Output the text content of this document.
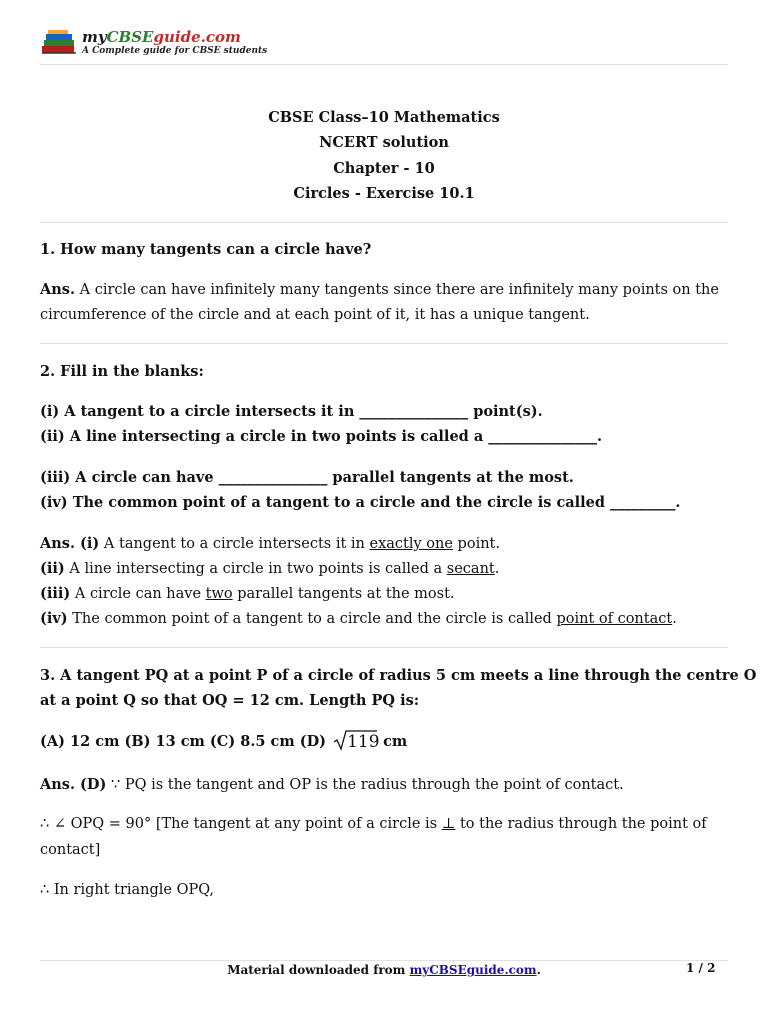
myCBSEguide.com
A Complete guide for CBSE students
CBSE Class–10 Mathematics
NCERT solution
Chapter - 10
Circles - Exercise 10.1
1. How many tangents can a circle have?
Ans. A circle can have infinitely many tangents since there are infinitely many points on the
circumference of the circle and at each point of it, it has a unique tangent.
2. Fill in the blanks:
(i) A tangent to a circle intersects it in _______________ point(s).
(ii) A line intersecting a circle in two points is called a _______________.
(iii) A circle can have _______________ parallel tangents at the most.
(iv) The common point of a tangent to a circle and the circle is called _________.
Ans. (i) A tangent to a circle intersects it in exactly one point.
(ii) A line intersecting a circle in two points is called a secant.
(iii) A circle can have two parallel tangents at the most.
(iv) The common point of a tangent to a circle and the circle is called point of contact.
3. A tangent PQ at a point P of a circle of radius 5 cm meets a line through the centre O
at a point Q so that OQ = 12 cm. Length PQ is:
(A) 12 cm (B) 13 cm (C) 8.5 cm (D) 119 cm
Ans. (D) ∵ PQ is the tangent and OP is the radius through the point of contact.
∴ ∠ OPQ = 90° [The tangent at any point of a circle is ⊥ to the radius through the point of
contact]
∴ In right triangle OPQ,
Material downloaded from myCBSEguide.com.	1 / 2
